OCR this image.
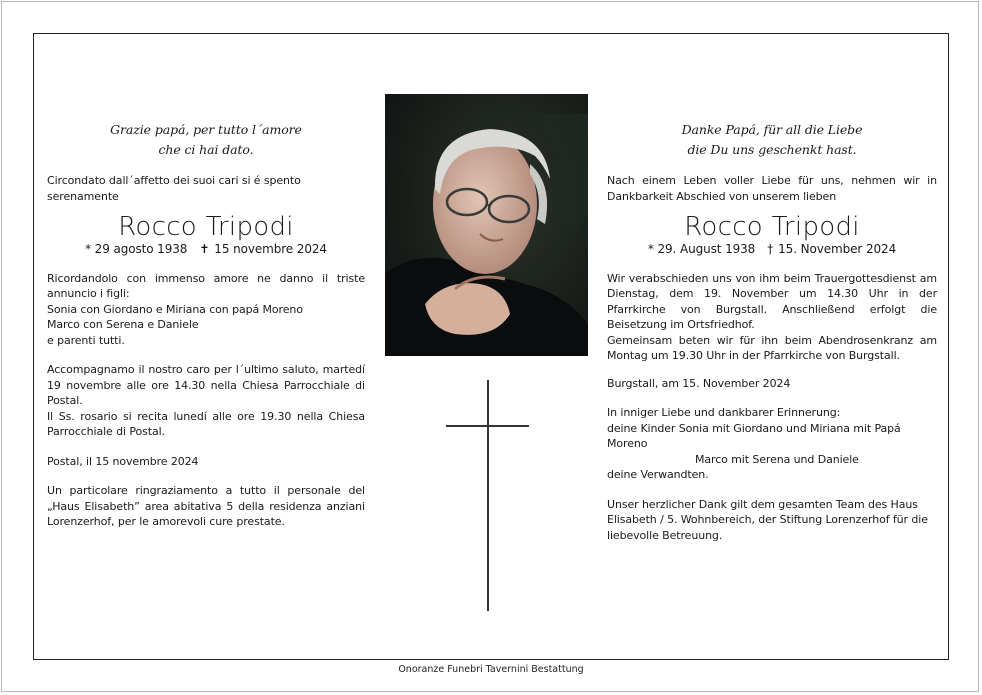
Grazie papá, per tutto l´amore

che ci hai dato.

Circondato dall´affetto dei suoi cari si é spento

serenamente

Rocco Tripodi

* 29 agosto 1938 ✝ 15 novembre 2024

Ricordandolo con immenso amore ne danno il triste annuncio i figli:

Sonia con Giordano e Miriana con papá Moreno

Marco con Serena e Daniele

e parenti tutti.

Accompagnamo il nostro caro per l´ultimo saluto, martedí 19 novembre alle ore 14.30 nella Chiesa Parrocchiale di Postal.

Il Ss. rosario si recita lunedí alle ore 19.30 nella Chiesa Parrocchiale di Postal.

Postal, il 15 novembre 2024

Un particolare ringraziamento a tutto il personale del „Haus Elisabeth” area abitativa 5 della residenza anziani Lorenzerhof, per le amorevoli cure prestate.

Danke Papá, für all die Liebe

die Du uns geschenkt hast.

Nach einem Leben voller Liebe für uns, nehmen wir in Dankbarkeit Abschied von unserem lieben

Rocco Tripodi

* 29. August 1938 † 15. November 2024

Wir verabschieden uns von ihm beim Trauergottesdienst am Dienstag, dem 19. November um 14.30 Uhr in der Pfarrkirche von Burgstall. Anschließend erfolgt die Beisetzung im Ortsfriedhof.

Gemeinsam beten wir für ihn beim Abendrosenkranz am Montag um 19.30 Uhr in der Pfarrkirche von Burgstall.

Burgstall, am 15. November 2024

In inniger Liebe und dankbarer Erinnerung:

deine Kinder Sonia mit Giordano und Miriana mit Papá Moreno

Marco mit Serena und Daniele

deine Verwandten.

Unser herzlicher Dank gilt dem gesamten Team des Haus Elisabeth / 5. Wohnbereich, der Stiftung Lorenzerhof für die liebevolle Betreuung.

Onoranze Funebri Tavernini Bestattung
